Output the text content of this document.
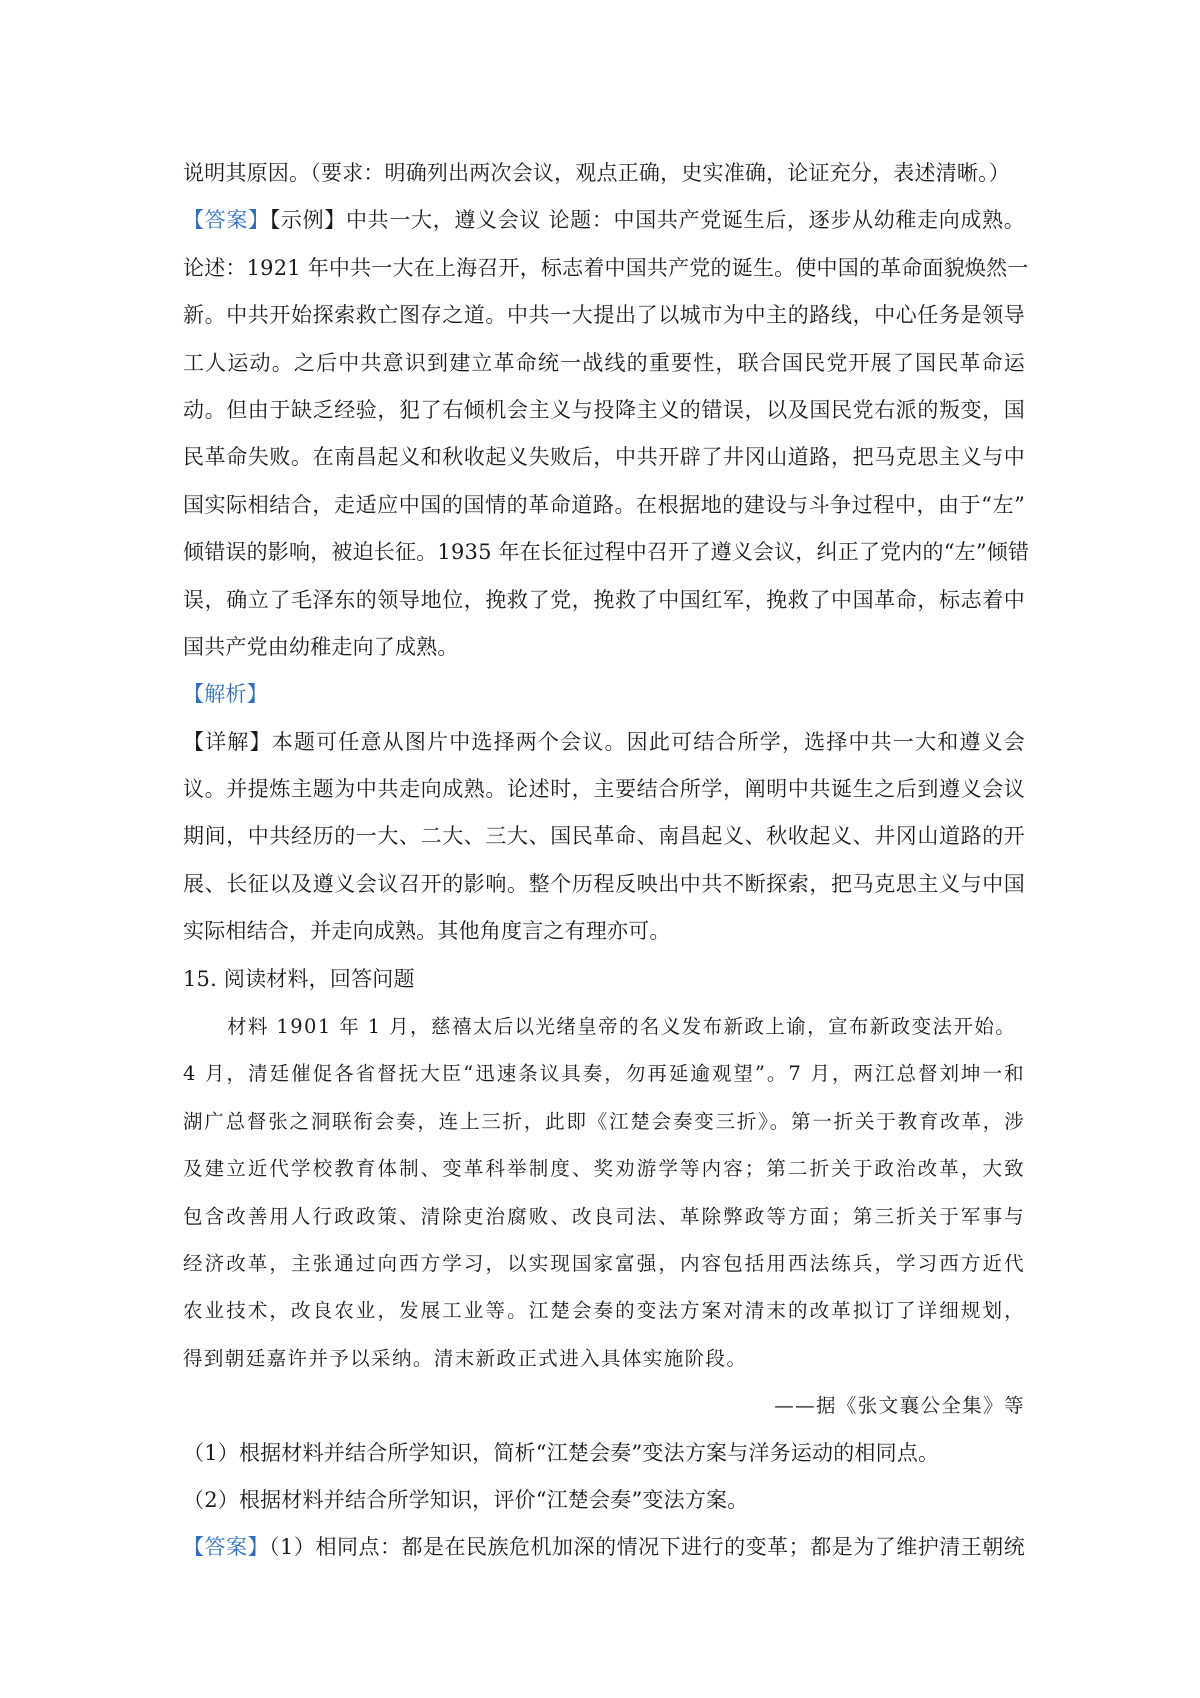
说明其原因。（要求：明确列出两次会议，观点正确，史实准确，论证充分，表述清晰。）
【答案】【示例】中共一大，遵义会议 论题：中国共产党诞生后，逐步从幼稚走向成熟。
论述：1921 年中共一大在上海召开，标志着中国共产党的诞生。使中国的革命面貌焕然一
新。中共开始探索救亡图存之道。中共一大提出了以城市为中主的路线，中心任务是领导
工人运动。之后中共意识到建立革命统一战线的重要性，联合国民党开展了国民革命运
动。但由于缺乏经验，犯了右倾机会主义与投降主义的错误，以及国民党右派的叛变，国
民革命失败。在南昌起义和秋收起义失败后，中共开辟了井冈山道路，把马克思主义与中
国实际相结合，走适应中国的国情的革命道路。在根据地的建设与斗争过程中，由于“左”
倾错误的影响，被迫长征。1935 年在长征过程中召开了遵义会议，纠正了党内的“左”倾错
误，确立了毛泽东的领导地位，挽救了党，挽救了中国红军，挽救了中国革命，标志着中
国共产党由幼稚走向了成熟。
【解析】
【详解】本题可任意从图片中选择两个会议。因此可结合所学，选择中共一大和遵义会
议。并提炼主题为中共走向成熟。论述时，主要结合所学，阐明中共诞生之后到遵义会议
期间，中共经历的一大、二大、三大、国民革命、南昌起义、秋收起义、井冈山道路的开
展、长征以及遵义会议召开的影响。整个历程反映出中共不断探索，把马克思主义与中国
实际相结合，并走向成熟。其他角度言之有理亦可。
15. 阅读材料，回答问题
材料 1901 年 1 月，慈禧太后以光绪皇帝的名义发布新政上谕，宣布新政变法开始。
4 月，清廷催促各省督抚大臣“迅速条议具奏，勿再延逾观望”。7 月，两江总督刘坤一和
湖广总督张之洞联衔会奏，连上三折，此即《江楚会奏变三折》。第一折关于教育改革，涉
及建立近代学校教育体制、变革科举制度、奖劝游学等内容；第二折关于政治改革，大致
包含改善用人行政政策、清除吏治腐败、改良司法、革除弊政等方面；第三折关于军事与
经济改革，主张通过向西方学习，以实现国家富强，内容包括用西法练兵，学习西方近代
农业技术，改良农业，发展工业等。江楚会奏的变法方案对清末的改革拟订了详细规划，
得到朝廷嘉许并予以采纳。清末新政正式进入具体实施阶段。
——据《张文襄公全集》等
（1）根据材料并结合所学知识，简析“江楚会奏”变法方案与洋务运动的相同点。
（2）根据材料并结合所学知识，评价“江楚会奏”变法方案。
【答案】（1）相同点：都是在民族危机加深的情况下进行的变革；都是为了维护清王朝统
